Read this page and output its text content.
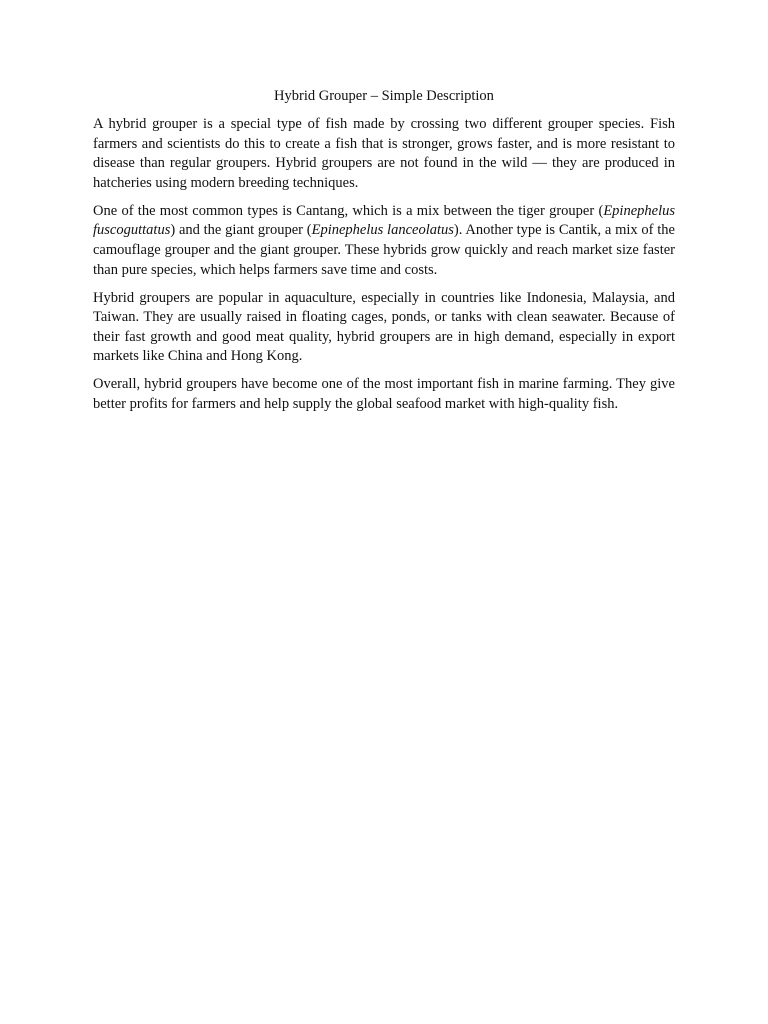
Hybrid Grouper – Simple Description

A hybrid grouper is a special type of fish made by crossing two different grouper species. Fish farmers and scientists do this to create a fish that is stronger, grows faster, and is more resistant to disease than regular groupers. Hybrid groupers are not found in the wild — they are produced in hatcheries using modern breeding techniques.

One of the most common types is Cantang, which is a mix between the tiger grouper (Epinephelus fuscoguttatus) and the giant grouper (Epinephelus lanceolatus). Another type is Cantik, a mix of the camouflage grouper and the giant grouper. These hybrids grow quickly and reach market size faster than pure species, which helps farmers save time and costs.

Hybrid groupers are popular in aquaculture, especially in countries like Indonesia, Malaysia, and Taiwan. They are usually raised in floating cages, ponds, or tanks with clean seawater. Because of their fast growth and good meat quality, hybrid groupers are in high demand, especially in export markets like China and Hong Kong.

Overall, hybrid groupers have become one of the most important fish in marine farming. They give better profits for farmers and help supply the global seafood market with high-quality fish.
